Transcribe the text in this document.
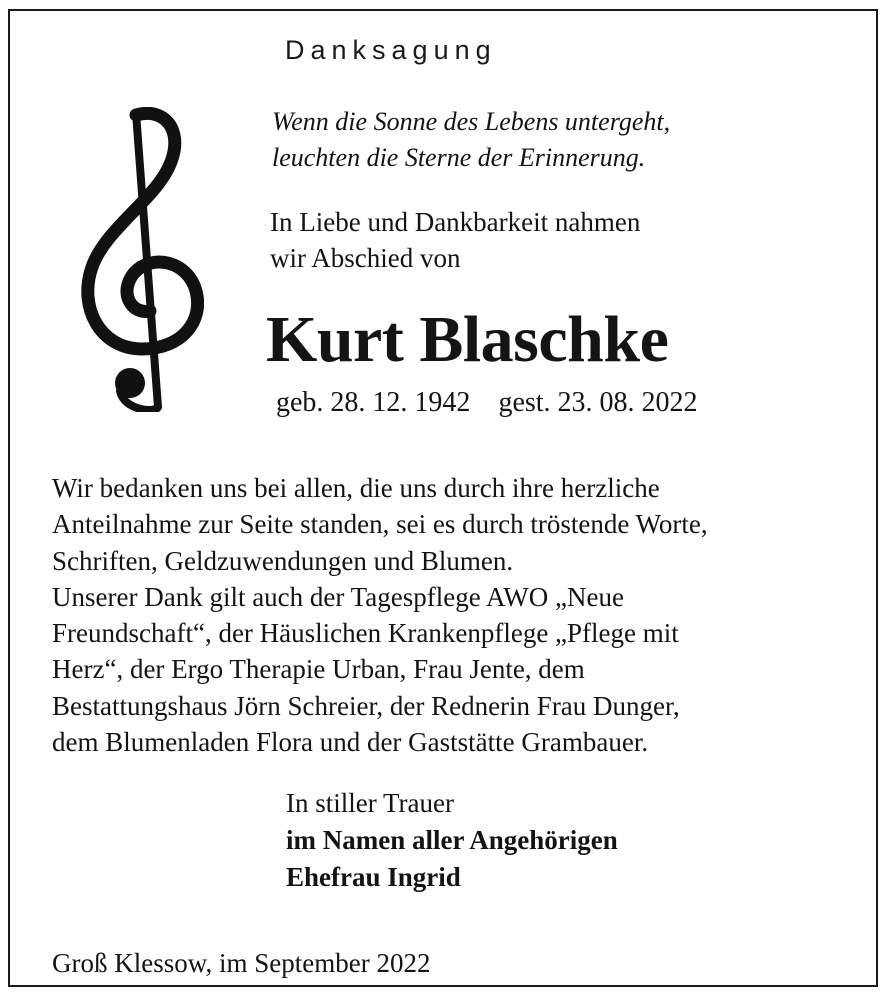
Danksagung
Wenn die Sonne des Lebens untergeht,
leuchten die Sterne der Erinnerung.
In Liebe und Dankbarkeit nahmen
wir Abschied von
Kurt Blaschke
geb. 28. 12. 1942 gest. 23. 08. 2022
Wir bedanken uns bei allen, die uns durch ihre herzliche
Anteilnahme zur Seite standen, sei es durch tröstende Worte,
Schriften, Geldzuwendungen und Blumen.
Unserer Dank gilt auch der Tagespflege AWO „Neue
Freundschaft“, der Häuslichen Krankenpflege „Pflege mit
Herz“, der Ergo Therapie Urban, Frau Jente, dem
Bestattungshaus Jörn Schreier, der Rednerin Frau Dunger,
dem Blumenladen Flora und der Gaststätte Grambauer.
In stiller Trauer
im Namen aller Angehörigen
Ehefrau Ingrid
Groß Klessow, im September 2022
